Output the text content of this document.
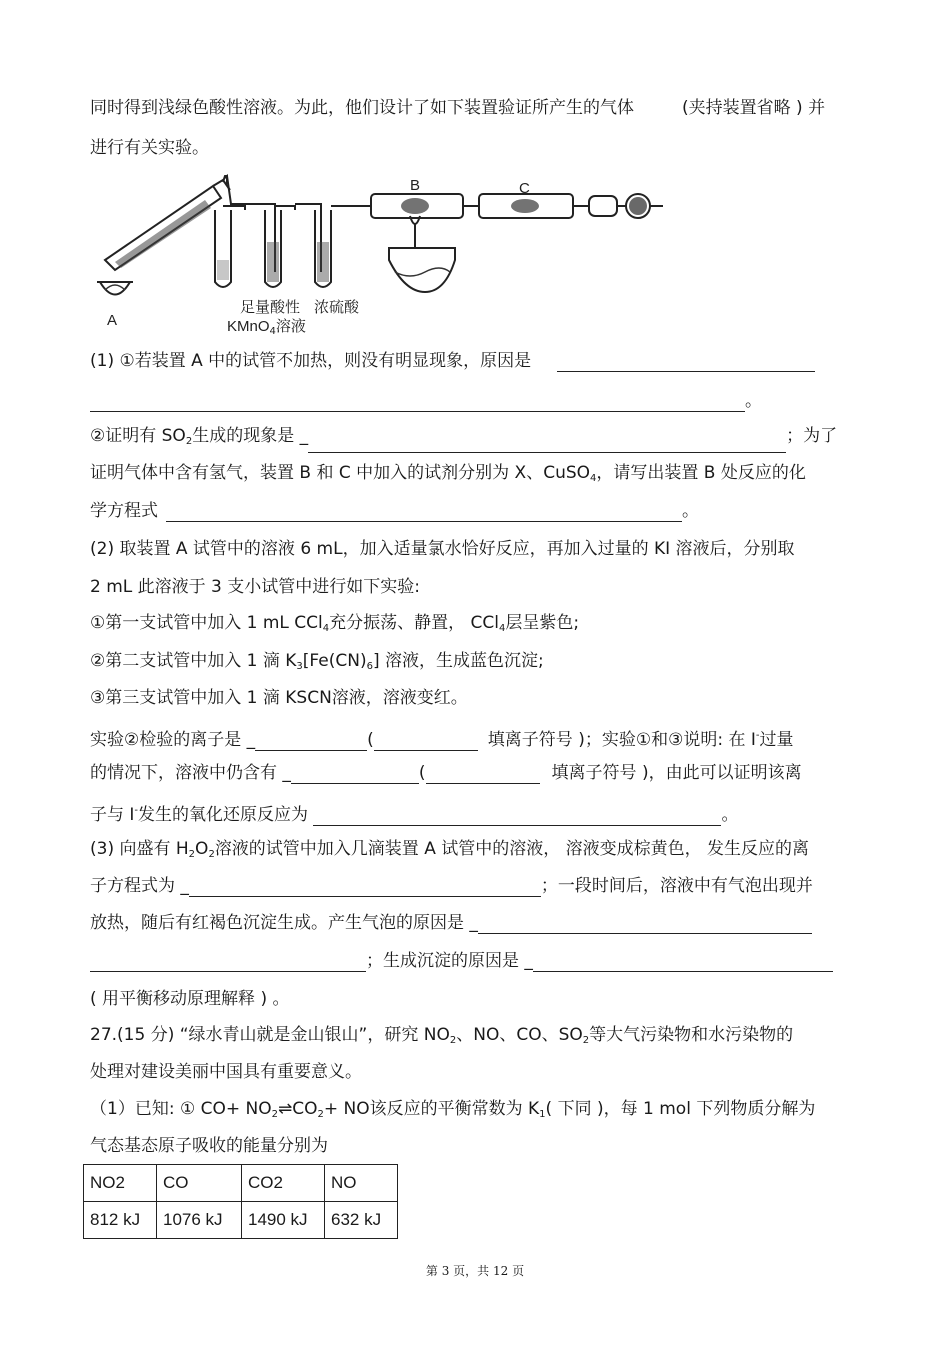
同时得到浅绿色酸性溶液。为此，他们设计了如下装置验证所产生的气体	(夹持装置省略 ) 并
进行有关实验。
A
B	C
足量酸性
KMnO$_4$溶液
浓硫酸
(1) ①若装置 A 中的试管不加热，则没有明显现象，原因是
。
②证明有 $SO_2$生成的现象是 _	；为了
证明气体中含有氢气，装置 B 和 C 中加入的试剂分别为 X、CuSO$_4$，请写出装置 B 处反应的化
学方程式	。
(2) 取装置 A 试管中的溶液 6 mL，加入适量氯水恰好反应，再加入过量的 KI 溶液后，分别取
2 mL 此溶液于 3 支小试管中进行如下实验:
①第一支试管中加入 1 mL CCl$_4$充分振荡、静置， CCl$_4$层呈紫色;
②第二支试管中加入 1 滴 $K_3[Fe(CN)_6]$ 溶液，生成蓝色沉淀;
③第三支试管中加入 1 滴 KSCN溶液，溶液变红。
实验②检验的离子是 _	(	填离子符号 )；实验①和③说明: 在 I-过量
的情况下，溶液中仍含有 _	(	填离子符号 )，由此可以证明该离
子与 I-发生的氧化还原反应为	。
(3) 向盛有 $H_2O_2$溶液的试管中加入几滴装置 A 试管中的溶液， 溶液变成棕黄色， 发生反应的离
子方程式为 _	；一段时间后，溶液中有气泡出现并
放热，随后有红褐色沉淀生成。产生气泡的原因是 _
；生成沉淀的原因是 _
( 用平衡移动原理解释 ) 。
27.(15 分) “绿水青山就是金山银山”，研究 $NO_2$、NO、CO、$SO_2$等大气污染物和水污染物的
处理对建设美丽中国具有重要意义。
（1）已知: ① $CO+ NO_2\rightleftharpoons CO_2+$ NO该反应的平衡常数为 $K_1$( 下同 )，每 1 mol 下列物质分解为
气态基态原子吸收的能量分别为
NO2	CO	CO2	NO
812 kJ	1076 kJ	1490 kJ	632 kJ
第 3 页，共 12 页
